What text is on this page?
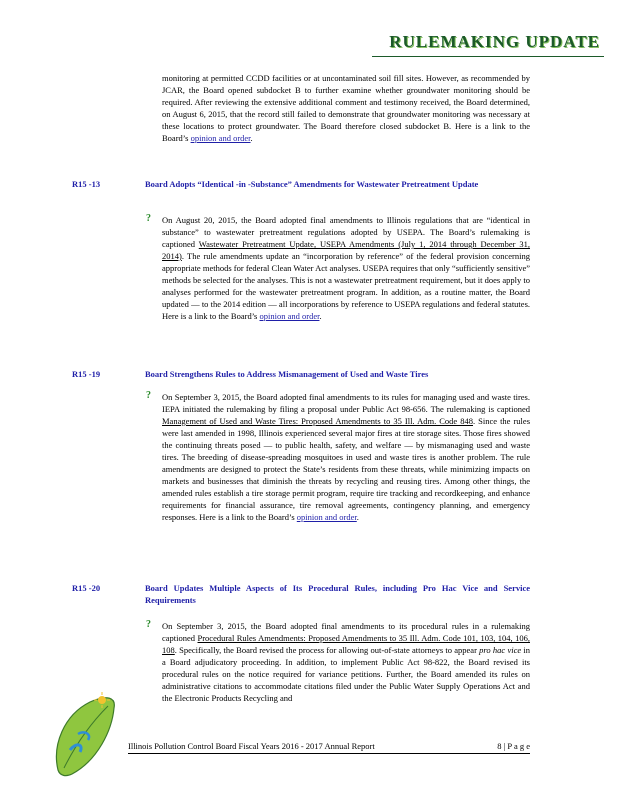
RULEMAKING UPDATE
monitoring at permitted CCDD facilities or at uncontaminated soil fill sites. However, as recommended by JCAR, the Board opened subdocket B to further examine whether groundwater monitoring should be required. After reviewing the extensive additional comment and testimony received, the Board determined, on August 6, 2015, that the record still failed to demonstrate that groundwater monitoring was necessary at these locations to protect groundwater. The Board therefore closed subdocket B. Here is a link to the Board’s opinion and order.
R15 -13	Board Adopts “Identical -in -Substance” Amendments for Wastewater Pretreatment Update
? On August 20, 2015, the Board adopted final amendments to Illinois regulations that are “identical in substance” to wastewater pretreatment regulations adopted by USEPA. The Board’s rulemaking is captioned Wastewater Pretreatment Update, USEPA Amendments (July 1, 2014 through December 31, 2014). The rule amendments update an “incorporation by reference” of the federal provision concerning appropriate methods for federal Clean Water Act analyses. USEPA requires that only “sufficiently sensitive” methods be selected for the analyses. This is not a wastewater pretreatment requirement, but it does apply to analyses performed for the wastewater pretreatment program. In addition, as a routine matter, the Board updated — to the 2014 edition — all incorporations by reference to USEPA regulations and federal statutes. Here is a link to the Board’s opinion and order.
R15 -19	Board Strengthens Rules to Address Mismanagement of Used and Waste Tires
? On September 3, 2015, the Board adopted final amendments to its rules for managing used and waste tires. IEPA initiated the rulemaking by filing a proposal under Public Act 98-656. The rulemaking is captioned Management of Used and Waste Tires: Proposed Amendments to 35 Ill. Adm. Code 848. Since the rules were last amended in 1998, Illinois experienced several major fires at tire storage sites. Those fires showed the continuing threats posed — to public health, safety, and welfare — by mismanaging used and waste tires. The breeding of disease-spreading mosquitoes in used and waste tires is another problem. The rule amendments are designed to protect the State’s residents from these threats, while minimizing impacts on markets and businesses that diminish the threats by recycling and reusing tires. Among other things, the amended rules establish a tire storage permit program, require tire tracking and recordkeeping, and enhance requirements for financial assurance, tire removal agreements, contingency planning, and emergency responses. Here is a link to the Board’s opinion and order.
R15 -20	Board Updates Multiple Aspects of Its Procedural Rules, including Pro Hac Vice and Service Requirements
? On September 3, 2015, the Board adopted final amendments to its procedural rules in a rulemaking captioned Procedural Rules Amendments: Proposed Amendments to 35 Ill. Adm. Code 101, 103, 104, 106, 108. Specifically, the Board revised the process for allowing out-of-state attorneys to appear pro hac vice in a Board adjudicatory proceeding. In addition, to implement Public Act 98-822, the Board revised its procedural rules on the notice required for variance petitions. Further, the Board amended its rules on administrative citations to accommodate citations filed under the Public Water Supply Operations Act and the Electronic Products Recycling and
Illinois Pollution Control Board Fiscal Years 2016 - 2017 Annual Report	8 | P a g e
